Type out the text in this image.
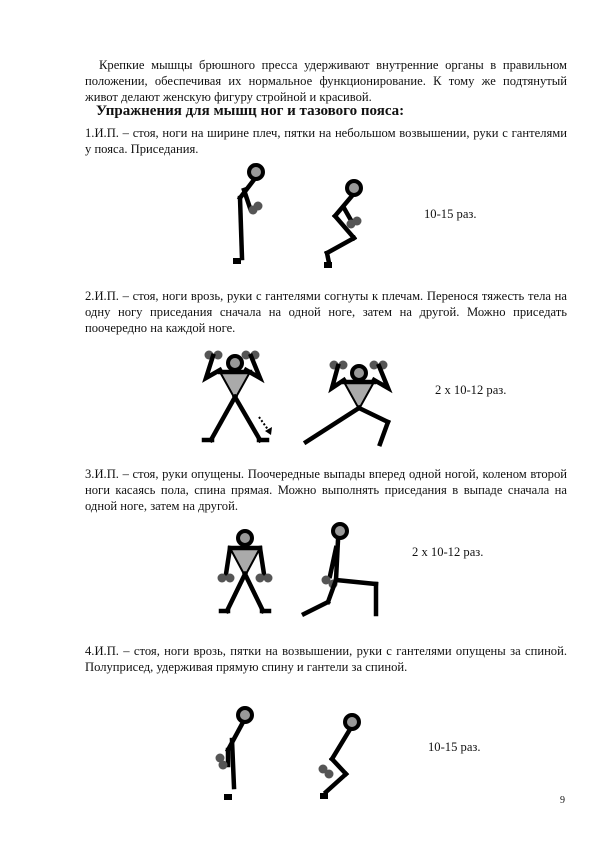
Крепкие мышцы брюшного пресса удерживают внутренние органы в правильном положении, обеспечивая их нормальное функционирование. К тому же подтянутый живот делают женскую фигуру стройной и красивой.

Упражнения для мышц ног и тазового пояса:

1.И.П. – стоя, ноги на ширине плеч, пятки на небольшом возвышении, руки с гантелями у пояса. Приседания.

10-15 раз.

2.И.П. – стоя, ноги врозь, руки с гантелями согнуты к плечам. Перенося тяжесть тела на одну ногу приседания сначала на одной ноге, затем на другой. Можно приседать поочередно на каждой ноге.

2 х 10-12 раз.

3.И.П. – стоя, руки опущены. Поочередные выпады вперед одной ногой, коленом второй ноги касаясь пола, спина прямая. Можно выполнять приседания в выпаде сначала на одной ноге, затем на другой.

2 х 10-12 раз.

4.И.П. – стоя, ноги врозь, пятки на возвышении, руки с гантелями опущены за спиной. Полуприсед, удерживая прямую спину и гантели за спиной.

10-15 раз.
9
